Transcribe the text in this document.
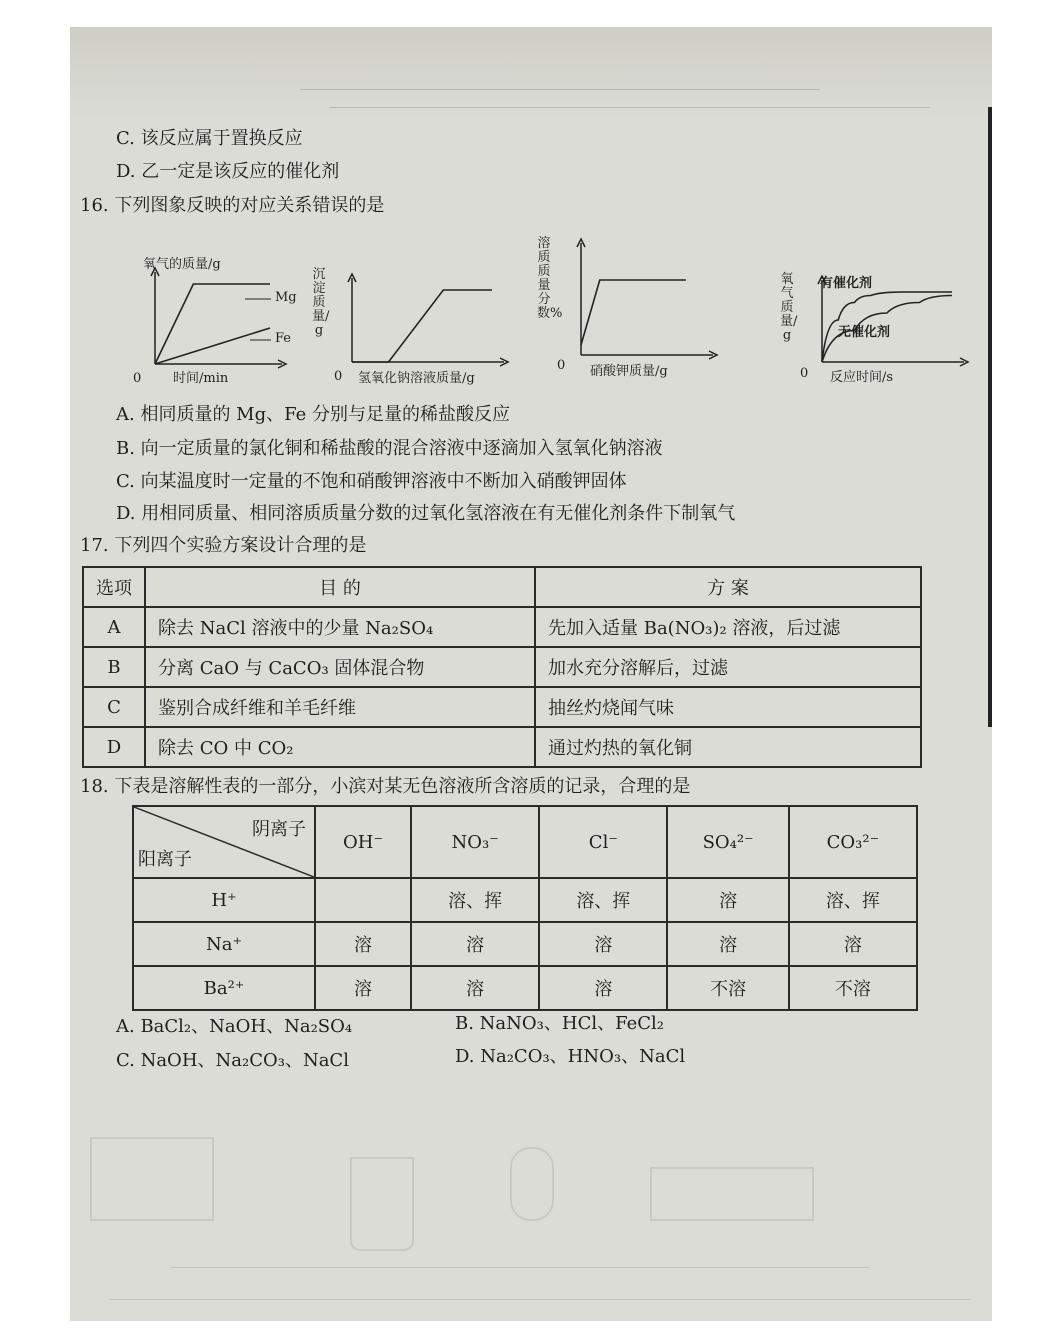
C. 该反应属于置换反应
D. 乙一定是该反应的催化剂
16. 下列图象反映的对应关系错误的是
氧气的质量/g
时间/min
0
Mg
Fe
沉淀质量/g
氢氧化钠溶液质量/g
0
溶质质量分数%
硝酸钾质量/g
0
氧气质量/g
反应时间/s
0
有催化剂
无催化剂
A. 相同质量的 Mg、Fe 分别与足量的稀盐酸反应
B. 向一定质量的氯化铜和稀盐酸的混合溶液中逐滴加入氢氧化钠溶液
C. 向某温度时一定量的不饱和硝酸钾溶液中不断加入硝酸钾固体
D. 用相同质量、相同溶质质量分数的过氧化氢溶液在有无催化剂条件下制氧气
17. 下列四个实验方案设计合理的是
选项	目 的	方 案
A	除去 NaCl 溶液中的少量 Na₂SO₄	先加入适量 Ba(NO₃)₂ 溶液，后过滤
B	分离 CaO 与 CaCO₃ 固体混合物	加水充分溶解后，过滤
C	鉴别合成纤维和羊毛纤维	抽丝灼烧闻气味
D	除去 CO 中 CO₂	通过灼热的氧化铜
18. 下表是溶解性表的一部分，小滨对某无色溶液所含溶质的记录，合理的是
阴离子
阳离子	OH⁻	NO₃⁻	Cl⁻	SO₄²⁻	CO₃²⁻
H⁺		溶、挥	溶、挥	溶	溶、挥
Na⁺	溶	溶	溶	溶	溶
Ba²⁺	溶	溶	溶	不溶	不溶
A. BaCl₂、NaOH、Na₂SO₄	B. NaNO₃、HCl、FeCl₂
C. NaOH、Na₂CO₃、NaCl	D. Na₂CO₃、HNO₃、NaCl
